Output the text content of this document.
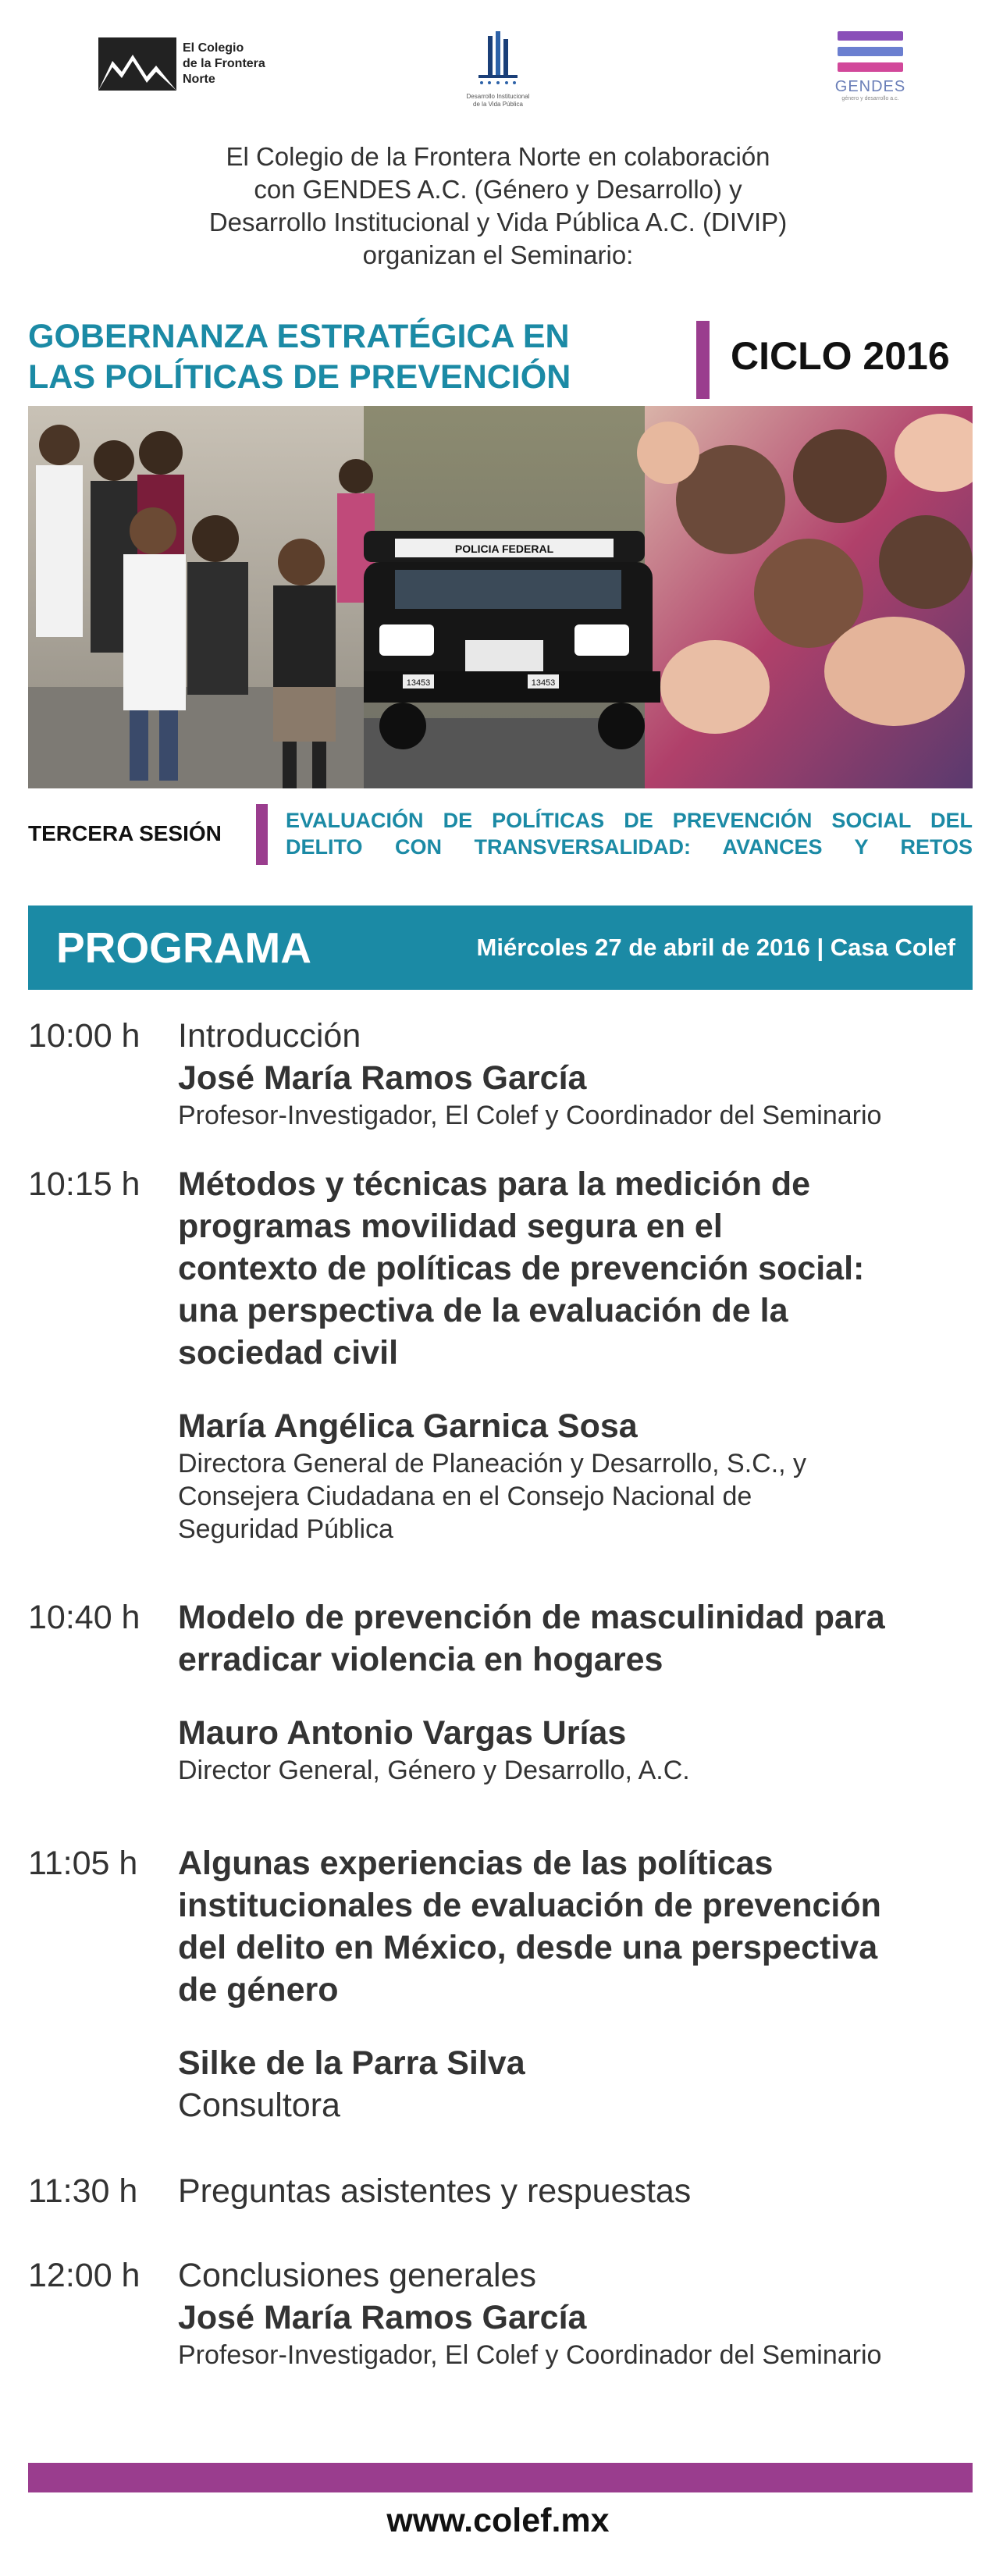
El Colegio
de la Frontera
Norte
Desarrollo Institucional
de la Vida Pública
GENDES
género y desarrollo a.c.
El Colegio de la Frontera Norte en colaboración
con GENDES A.C. (Género y Desarrollo) y
Desarrollo Institucional y Vida Pública A.C. (DIVIP)
organizan el Seminario:
GOBERNANZA ESTRATÉGICA EN
LAS POLÍTICAS DE PREVENCIÓN	CICLO 2016
POLICIA FEDERAL
13453	13453
TERCERA SESIÓN
EVALUACIÓN DE POLÍTICAS DE PREVENCIÓN SOCIAL DEL
DELITO CON TRANSVERSALIDAD: AVANCES Y RETOS
PROGRAMA	Miércoles 27 de abril de 2016 | Casa Colef
10:00 h Introducción
José María Ramos García
Profesor-Investigador, El Colef y Coordinador del Seminario
10:15 h Métodos y técnicas para la medición de
programas movilidad segura en el
contexto de políticas de prevención social:
una perspectiva de la evaluación de la
sociedad civil
María Angélica Garnica Sosa
Directora General de Planeación y Desarrollo, S.C., y
Consejera Ciudadana en el Consejo Nacional de
Seguridad Pública
10:40 h Modelo de prevención de masculinidad para
erradicar violencia en hogares
Mauro Antonio Vargas Urías
Director General, Género y Desarrollo, A.C.
11:05 h Algunas experiencias de las políticas
institucionales de evaluación de prevención
del delito en México, desde una perspectiva
de género
Silke de la Parra Silva
Consultora
11:30 h Preguntas asistentes y respuestas
12:00 h Conclusiones generales
José María Ramos García
Profesor-Investigador, El Colef y Coordinador del Seminario
www.colef.mx
